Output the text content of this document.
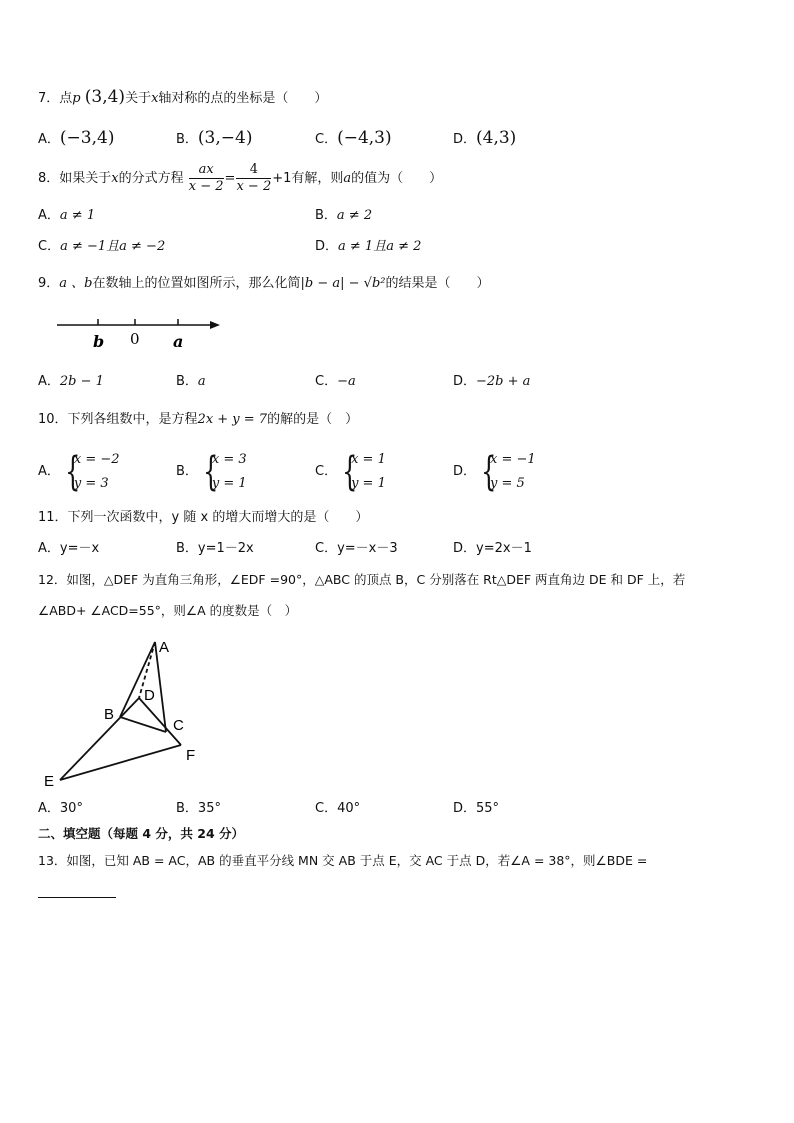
7．点p (3,4)关于x轴对称的点的坐标是（　　）
A．(−3,4)	B．(3,−4)	C．(−4,3)	D．(4,3)
8．如果关于x的分式方程 $\frac{ax}{x - 2} = \frac{4}{x - 2} +1$有解，则a的值为（　　）
A．a ≠ 1	B．a ≠ 2
C．a ≠ −1且a ≠ −2	D．a ≠ 1且a ≠ 2
9．a 、b在数轴上的位置如图所示，那么化简|b − a| − √b²的结果是（　　）
b 0 a
A．2b − 1	B．a	C．−a	D．−2b + a
10．下列各组数中，是方程2x + y = 7的解的是（　）
A．
{ x = −2
y = 3
B．
{ x = 3
y = 1
C．
{ x = 1
y = 1
D．
{ x = −1
y = 5
11．下列一次函数中，y 随 x 的增大而增大的是（　　）
A．y=－x	B．y=1－2x	C．y=－x－3	D．y=2x－1
12．如图，△DEF 为直角三角形，∠EDF =90°，△ABC 的顶点 B，C 分别落在 Rt△DEF 两直角边 DE 和 DF 上，若
∠ABD+ ∠ACD=55°，则∠A 的度数是（　）
A
D
B
C
F
E
A．30°	B．35°	C．40°	D．55°
二、填空题（每题 4 分，共 24 分）
13．如图，已知 AB = AC，AB 的垂直平分线 MN 交 AB 于点 E，交 AC 于点 D，若∠A = 38°，则∠BDE =
